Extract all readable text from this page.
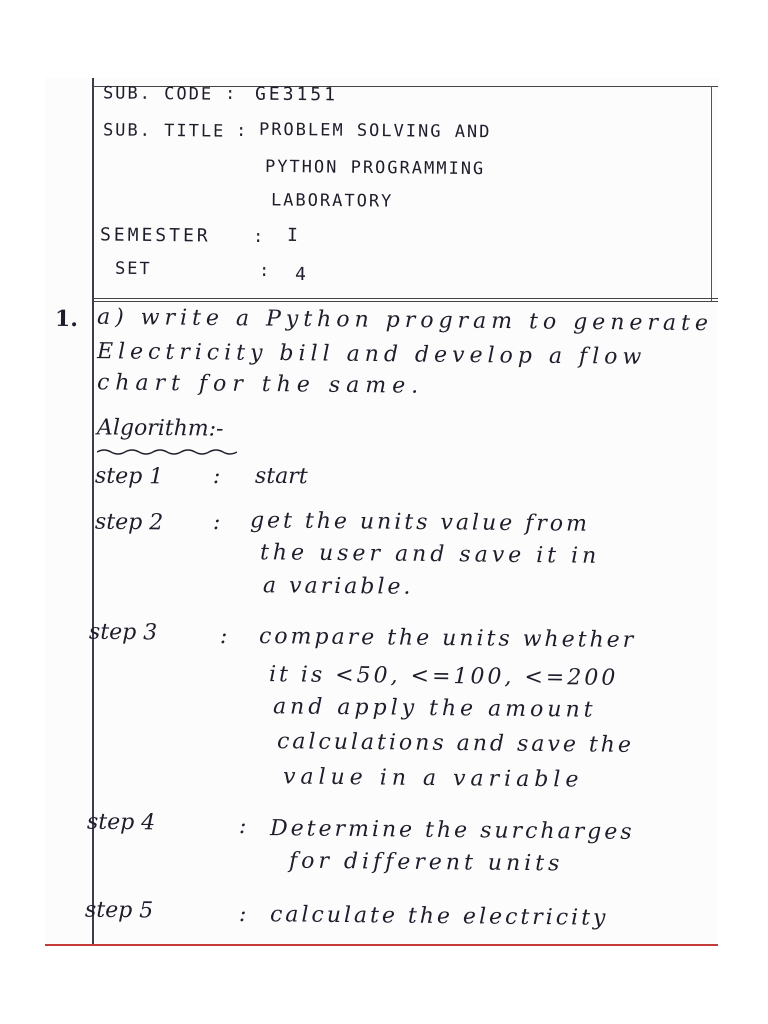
SUB. CODE : GE3151
SUB. TITLE : PROBLEM SOLVING AND
PYTHON PROGRAMMING
LABORATORY
SEMESTER : I
SET	: 4
1. a) write a Python program to generate
Electricity bill and develop a flow
chart for the same.
Algorithm:-
step 1 : start
step 2 : get the units value from
the user and save it in
a variable.
step 3	: compare the units whether
it is <50, <=100, <=200
and apply the amount
calculations and save the
value in a variable
step 4	: Determine the surcharges
for different units
step 5	: calculate the electricity
